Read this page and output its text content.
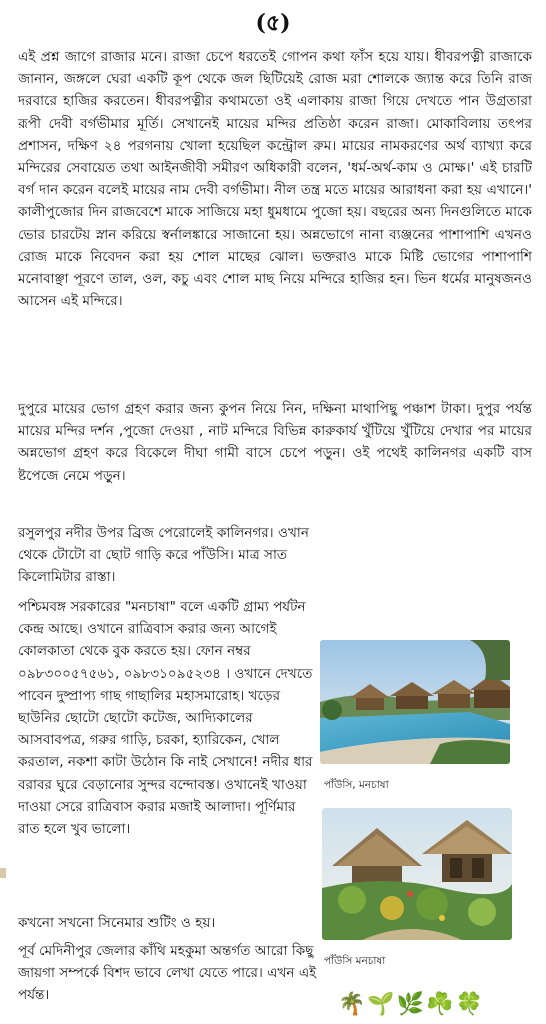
(৫)
এই প্রশ্ন জাগে রাজার মনে। রাজা চেপে ধরতেই গোপন কথা ফাঁস হয়ে যায়। ধীবরপত্নী রাজাকে জানান, জঙ্গলে ঘেরা একটি কূপ থেকে জল ছিটিয়েই রোজ মরা শোলকে জ্যান্ত করে তিনি রাজ দরবারে হাজির করতেন। ধীবরপত্নীর কথামতো ওই এলাকায় রাজা গিয়ে দেখতে পান উগ্রতারা রূপী দেবী বর্গভীমার মূর্তি। সেখানেই মায়ের মন্দির প্রতিষ্ঠা করেন রাজা। মোকাবিলায় তৎপর প্রশাসন, দক্ষিণ ২৪ পরগনায় খোলা হয়েছিল কন্ট্রোল রুম। মায়ের নামকরণের অর্থ ব্যাখ্যা করে মন্দিরের সেবায়েত তথা আইনজীবী সমীরণ অধিকারী বলেন, 'ধর্ম-অর্থ-কাম ও মোক্ষ।' এই চারটি বর্গ দান করেন বলেই মায়ের নাম দেবী বর্গভীমা। নীল তন্ত্র মতে মায়ের আরাধনা করা হয় এখানে।' কালীপুজোর দিন রাজবেশে মাকে সাজিয়ে মহা ধুমধামে পুজো হয়। বছরের অন্য দিনগুলিতে মাকে ভোর চারটেয় স্নান করিয়ে স্বর্নালঙ্কারে সাজানো হয়। অন্নভোগে নানা ব্যঞ্জনের পাশাপাশি এখনও রোজ মাকে নিবেদন করা হয় শোল মাছের ঝোল। ভক্তরাও মাকে মিষ্টি ভোগের পাশাপাশি মনোবাঞ্ছা পূরণে তাল, ওল, কচু এবং শোল মাছ নিয়ে মন্দিরে হাজির হন। ভিন ধর্মের মানুষজনও আসেন এই মন্দিরে।
দুপুরে মায়ের ভোগ গ্রহণ করার জন্য কুপন নিয়ে নিন, দক্ষিনা মাথাপিছু পঞ্চাশ টাকা। দুপুর পর্যন্ত মায়ের মন্দির দর্শন ,পুজো দেওয়া , নাট মন্দিরে বিভিন্ন কারুকার্য খুঁটিয়ে খুঁটিয়ে দেখার পর মায়ের অন্নভোগ গ্রহণ করে বিকেলে দীঘা গামী বাসে চেপে পড়ুন। ওই পথেই কালিনগর একটি বাস ষ্টপেজে নেমে পড়ুন।
রসুলপুর নদীর উপর ব্রিজ পেরোলেই কালিনগর। ওখান থেকে টোটো বা ছোট গাড়ি করে পাঁউসি। মাত্র সাত কিলোমিটার রাস্তা।
পশ্চিমবঙ্গ সরকারের "মনচাষা" বলে একটি গ্রাম্য পর্যটন কেন্দ্র আছে। ওখানে রাত্রিবাস করার জন্য আগেই কোলকাতা থেকে বুক করতে হয়। ফোন নম্বর ০৯৮৩০০৫৭৫৬১, ০৯৮৩১০৯৫২৩৪ । ওখানে দেখতে পাবেন দুষ্প্রাপ্য গাছ গাছালির মহাসমারোহ। খড়ের ছাউনির ছোটো ছোটো কটেজ, আদ্যিকালের আসবাবপত্র, গরুর গাড়ি, চরকা, হ্যারিকেন, খোল করতাল, নকশা কাটা উঠোন কি নাই সেখানে! নদীর ধার বরাবর ঘুরে বেড়ানোর সুন্দর বন্দোবস্ত। ওখানেই খাওয়া দাওয়া সেরে রাত্রিবাস করার মজাই আলাদা। পূর্ণিমার রাত হলে খুব ভালো।
কখনো সখনো সিনেমার শুটিং ও হয়।
পূর্ব মেদিনীপুর জেলার কাঁথি মহকুমা অন্তর্গত আরো কিছু জায়গা সম্পর্কে বিশদ ভাবে লেখা যেতে পারে। এখন এই পর্যন্ত।
পাঁউসি, মনচাষা
পাঁউসি মনচাষা
🌴🌱🌿☘️🍀
